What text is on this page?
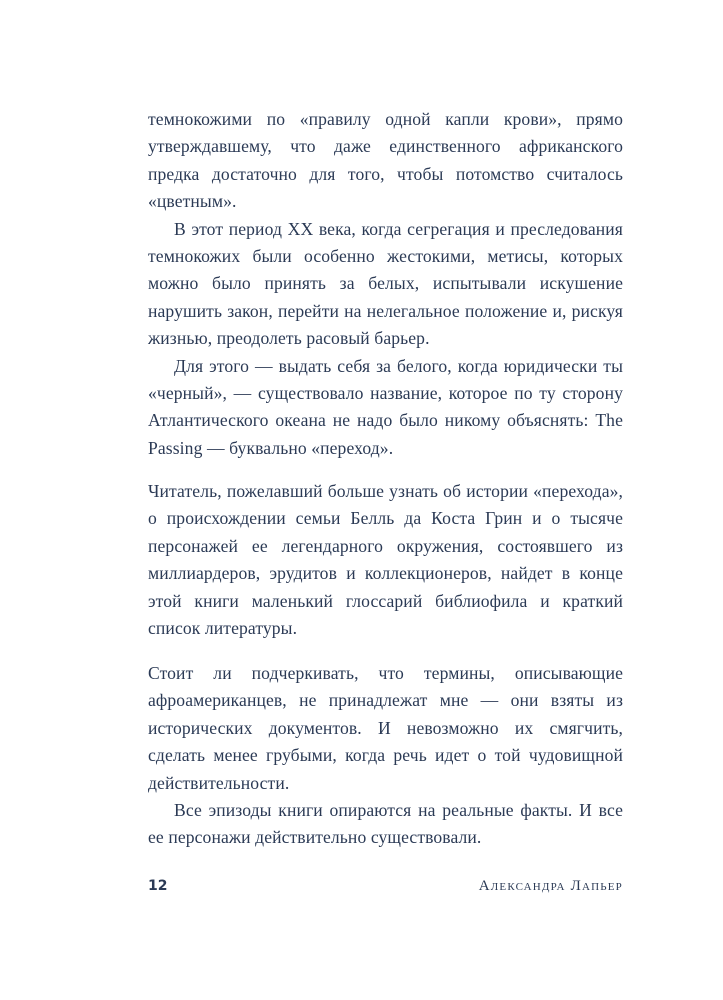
темнокожими по «правилу одной капли крови», прямо утверждавшему, что даже единственного африканского предка достаточно для того, чтобы потомство считалось «цветным».

В этот период XX века, когда сегрегация и преследования темнокожих были особенно жестокими, метисы, которых можно было принять за белых, испытывали искушение нарушить закон, перейти на нелегальное положение и, рискуя жизнью, преодолеть расовый барьер.

Для этого — выдать себя за белого, когда юридически ты «черный», — существовало название, которое по ту сторону Атлантического океана не надо было никому объяснять: The Passing — буквально «переход».

Читатель, пожелавший больше узнать об истории «перехода», о происхождении семьи Белль да Коста Грин и о тысяче персонажей ее легендарного окружения, состоявшего из миллиардеров, эрудитов и коллекционеров, найдет в конце этой книги маленький глоссарий библиофила и краткий список литературы.

Стоит ли подчеркивать, что термины, описывающие афроамериканцев, не принадлежат мне — они взяты из исторических документов. И невозможно их смягчить, сделать менее грубыми, когда речь идет о той чудовищной действительности.

Все эпизоды книги опираются на реальные факты. И все ее персонажи действительно существовали.

12	Александра Лапьер
